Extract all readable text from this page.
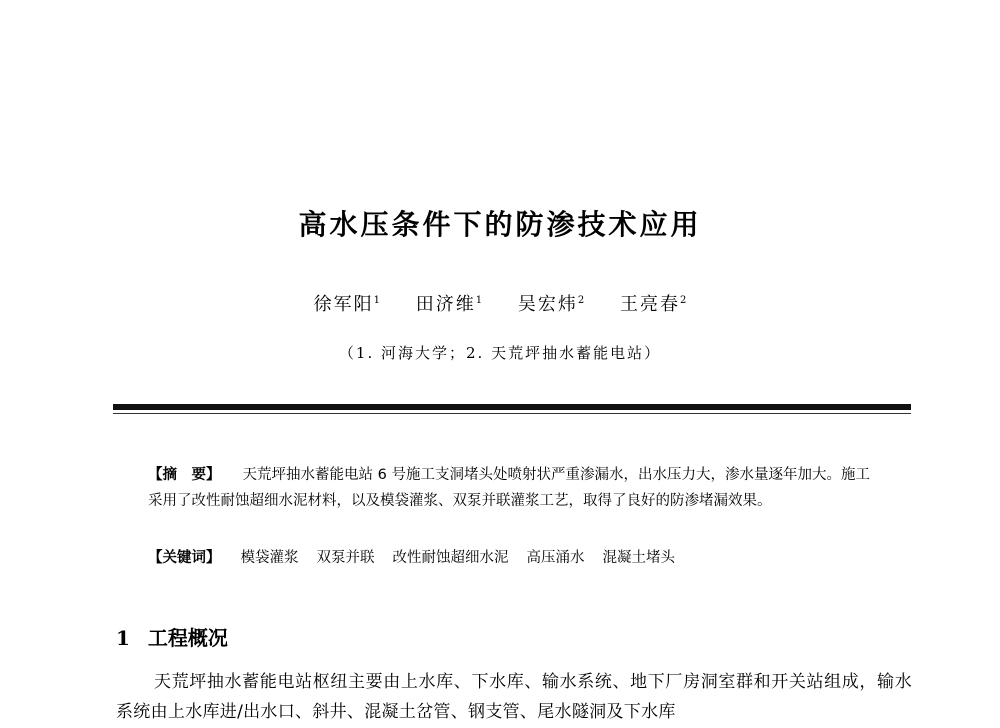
高水压条件下的防渗技术应用
徐军阳$^1$ 田济维$^1$ 吴宏炜$^2$ 王亮春$^2$
（1. 河海大学；2. 天荒坪抽水蓄能电站）
【摘　要】 天荒坪抽水蓄能电站 6 号施工支洞堵头处喷射状严重渗漏水，出水压力大，渗水量逐年加大。施工采用了改性耐蚀超细水泥材料，以及模袋灌浆、双泵并联灌浆工艺，取得了良好的防渗堵漏效果。
【关键词】 模袋灌浆 双泵并联 改性耐蚀超细水泥 高压涌水 混凝土堵头
1 工程概况
天荒坪抽水蓄能电站枢纽主要由上水库、下水库、输水系统、地下厂房洞室群和开关站组成，输水系统由上水库进/出水口、斜井、混凝土岔管、钢支管、尾水隧洞及下水库
